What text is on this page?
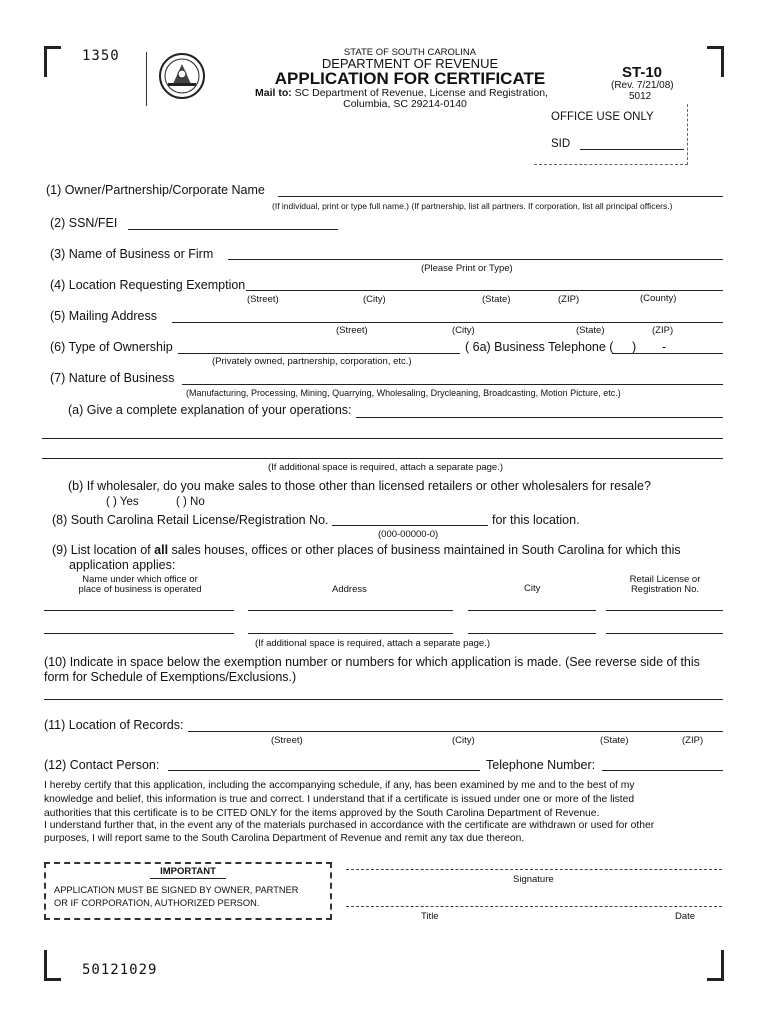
1350
50121029
STATE OF SOUTH CAROLINA
DEPARTMENT OF REVENUE
APPLICATION FOR CERTIFICATE
Mail to: SC Department of Revenue, License and Registration,
Columbia, SC 29214-0140
ST-10
(Rev. 7/21/08)
5012
OFFICE USE ONLY
SID
(1) Owner/Partnership/Corporate Name
(If individual, print or type full name.) (If partnership, list all partners. If corporation, list all principal officers.)
(2) SSN/FEI
(3) Name of Business or Firm
(Please Print or Type)
(4) Location Requesting Exemption
(Street)	(City)	(State)	(ZIP)	(County)
(5) Mailing Address
(Street)	(City)	(State)	(ZIP)
(6) Type of Ownership	( 6a) Business Telephone ( ) -
(Privately owned, partnership, corporation, etc.)
(7) Nature of Business
(Manufacturing, Processing, Mining, Quarrying, Wholesaling, Drycleaning, Broadcasting, Motion Picture, etc.)
(a) Give a complete explanation of your operations:
(If additional space is required, attach a separate page.)
(b) If wholesaler, do you make sales to those other than licensed retailers or other wholesalers for resale?
( ) Yes	( ) No
(8) South Carolina Retail License/Registration No.	for this location.
(000-00000-0)
(9) List location of all sales houses, offices or other places of business maintained in South Carolina for which this
application applies:
Name under which office or
place of business is operated	Address	City
Retail License or
Registration No.
(If additional space is required, attach a separate page.)
(10) Indicate in space below the exemption number or numbers for which application is made. (See reverse side of this
form for Schedule of Exemptions/Exclusions.)
(11) Location of Records:
(Street)	(City)	(State)	(ZIP)
(12) Contact Person:	Telephone Number:
I hereby certify that this application, including the accompanying schedule, if any, has been examined by me and to the best of my
knowledge and belief, this information is true and correct. I understand that if a certificate is issued under one or more of the listed
authorities that this certificate is to be CITED ONLY for the items approved by the South Carolina Department of Revenue.
I understand further that, in the event any of the materials purchased in accordance with the certificate are withdrawn or used for other
purposes, I will report same to the South Carolina Department of Revenue and remit any tax due thereon.
IMPORTANT
APPLICATION MUST BE SIGNED BY OWNER, PARTNER
OR IF CORPORATION, AUTHORIZED PERSON.
Signature
Title	Date
